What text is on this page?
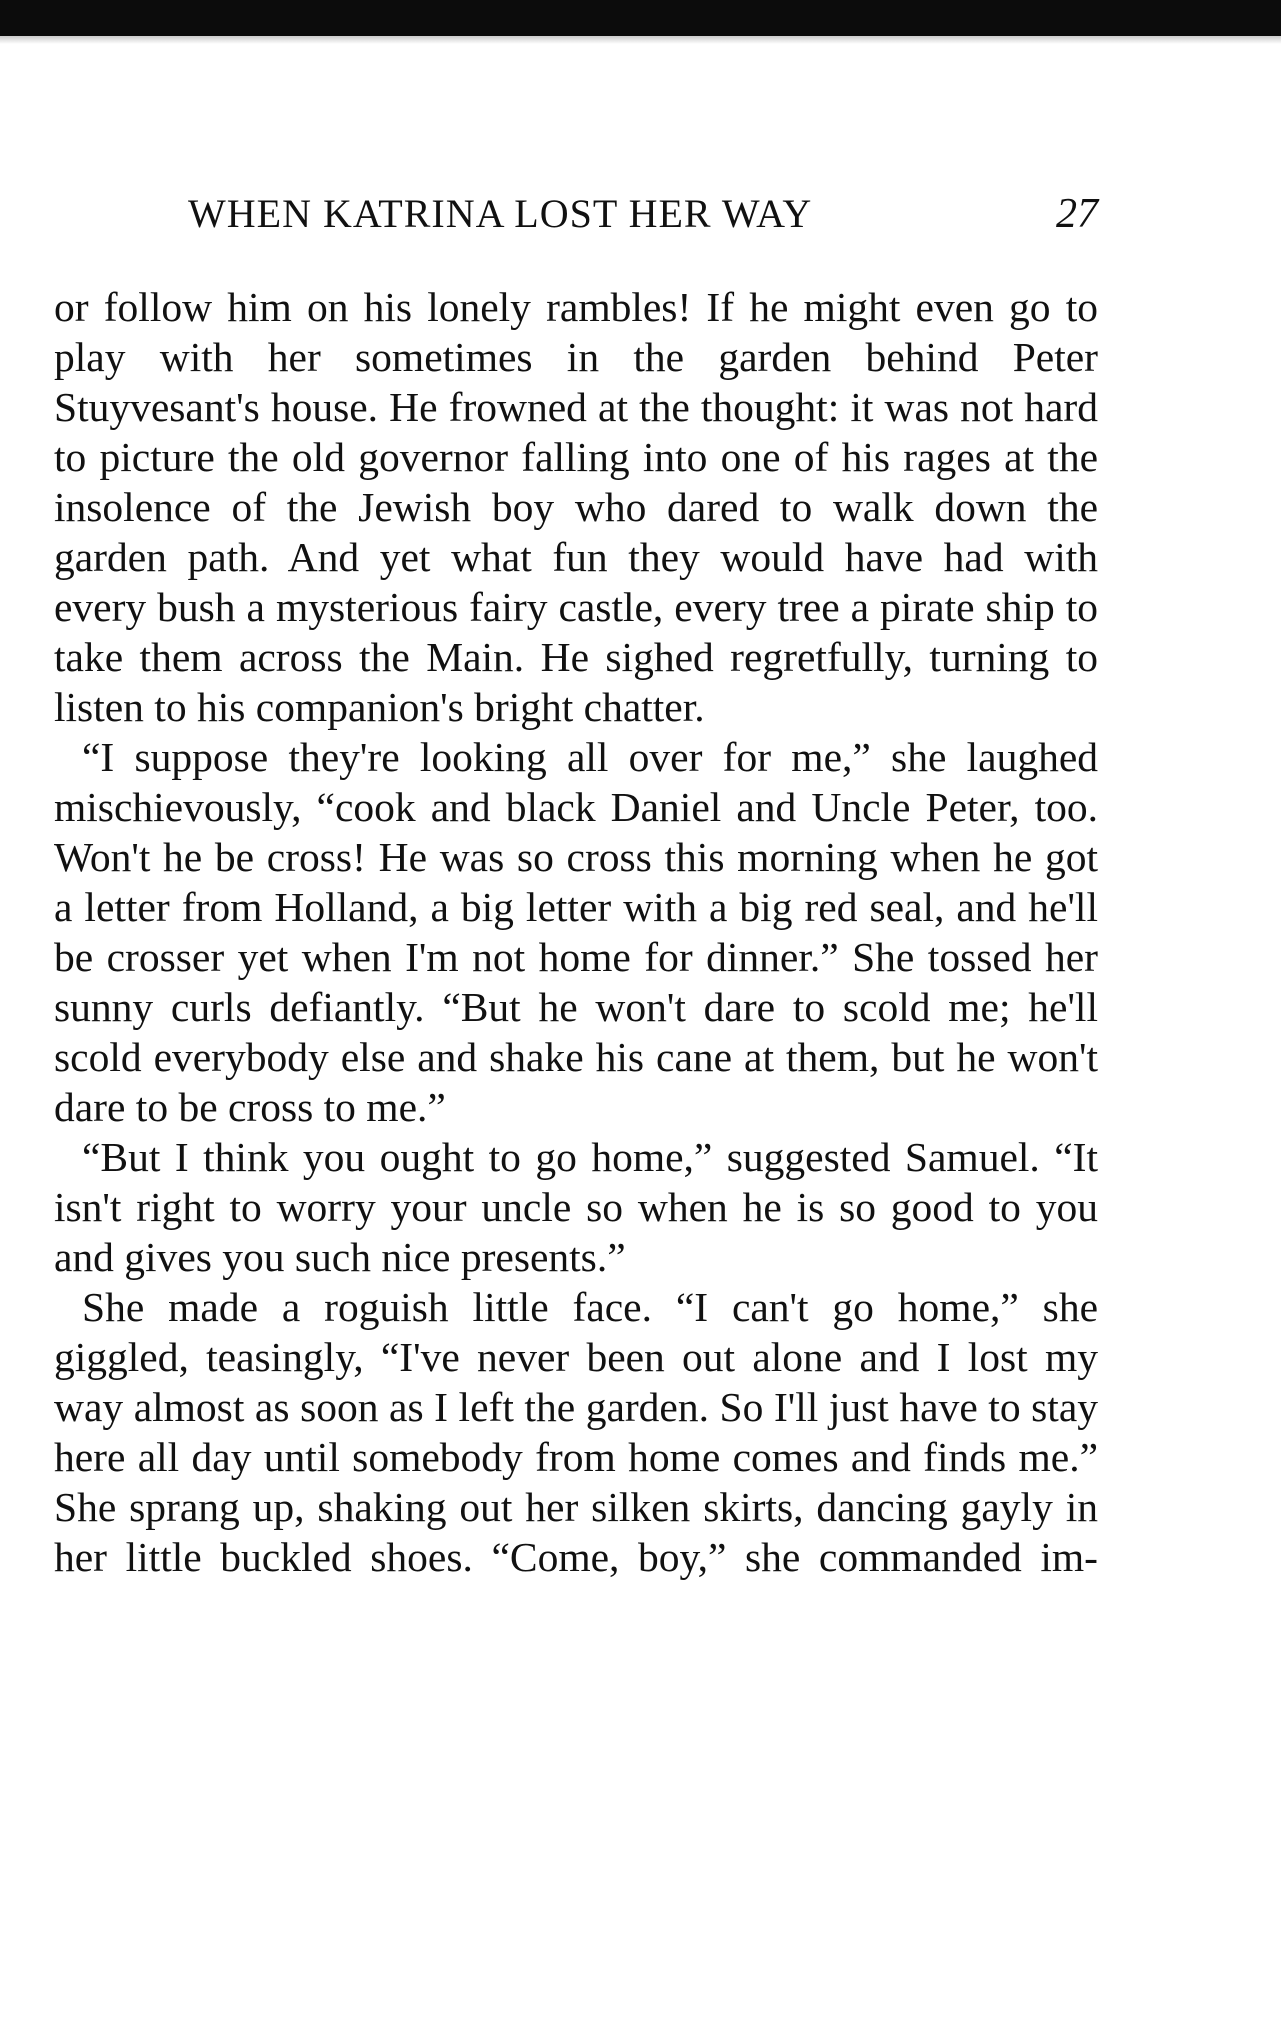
WHEN KATRINA LOST HER WAY	27

or follow him on his lonely rambles! If he might even go to play with her sometimes in the garden behind Peter Stuyvesant's house. He frowned at the thought: it was not hard to picture the old governor falling into one of his rages at the insolence of the Jewish boy who dared to walk down the garden path. And yet what fun they would have had with every bush a mysterious fairy castle, every tree a pirate ship to take them across the Main. He sighed regretfully, turning to listen to his companion's bright chatter.

“I suppose they're looking all over for me,” she laughed mischievously, “cook and black Daniel and Uncle Peter, too. Won't he be cross! He was so cross this morning when he got a letter from Holland, a big letter with a big red seal, and he'll be crosser yet when I'm not home for dinner.” She tossed her sunny curls defiantly. “But he won't dare to scold me; he'll scold everybody else and shake his cane at them, but he won't dare to be cross to me.”

“But I think you ought to go home,” suggested Samuel. “It isn't right to worry your uncle so when he is so good to you and gives you such nice presents.”

She made a roguish little face. “I can't go home,” she giggled, teasingly, “I've never been out alone and I lost my way almost as soon as I left the garden. So I'll just have to stay here all day until somebody from home comes and finds me.” She sprang up, shaking out her silken skirts, dancing gayly in her little buckled shoes. “Come, boy,” she commanded im-
